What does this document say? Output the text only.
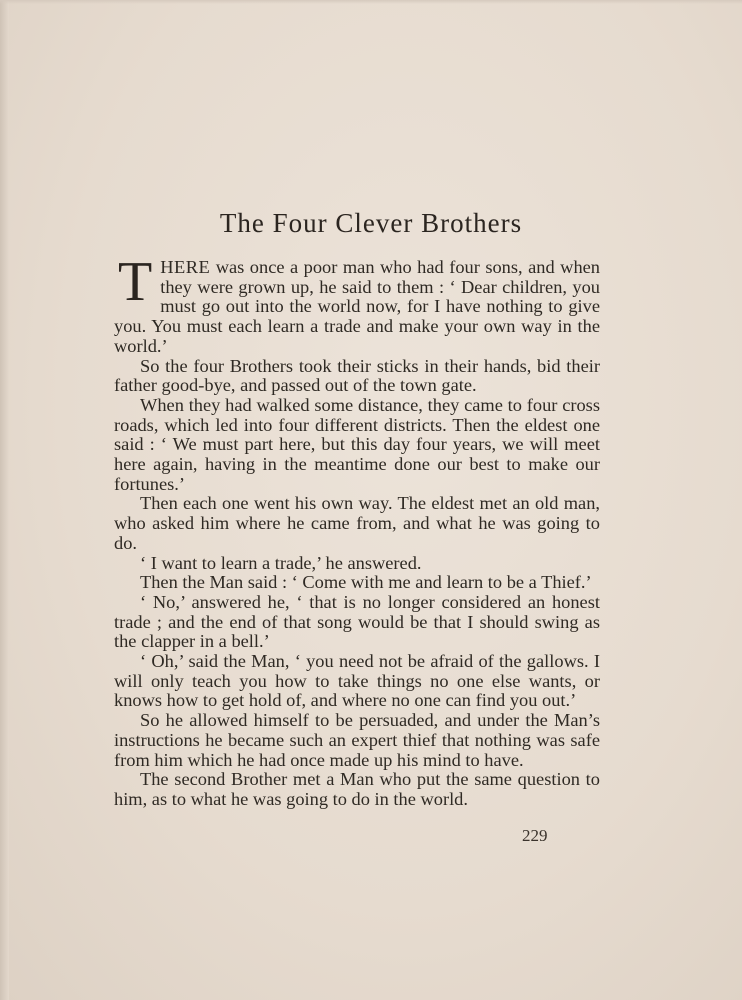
The Four Clever Brothers

THERE was once a poor man who had four sons, and when they were grown up, he said to them : ‘ Dear children, you must go out into the world now, for I have nothing to give you. You must each learn a trade and make your own way in the world.’

So the four Brothers took their sticks in their hands, bid their father good-bye, and passed out of the town gate.

When they had walked some distance, they came to four cross roads, which led into four different districts. Then the eldest one said : ‘ We must part here, but this day four years, we will meet here again, having in the meantime done our best to make our fortunes.’

Then each one went his own way. The eldest met an old man, who asked him where he came from, and what he was going to do.

‘ I want to learn a trade,’ he answered.

Then the Man said : ‘ Come with me and learn to be a Thief.’

‘ No,’ answered he, ‘ that is no longer considered an honest trade ; and the end of that song would be that I should swing as the clapper in a bell.’

‘ Oh,’ said the Man, ‘ you need not be afraid of the gallows. I will only teach you how to take things no one else wants, or knows how to get hold of, and where no one can find you out.’

So he allowed himself to be persuaded, and under the Man’s instructions he became such an expert thief that nothing was safe from him which he had once made up his mind to have.

The second Brother met a Man who put the same question to him, as to what he was going to do in the world.

229
